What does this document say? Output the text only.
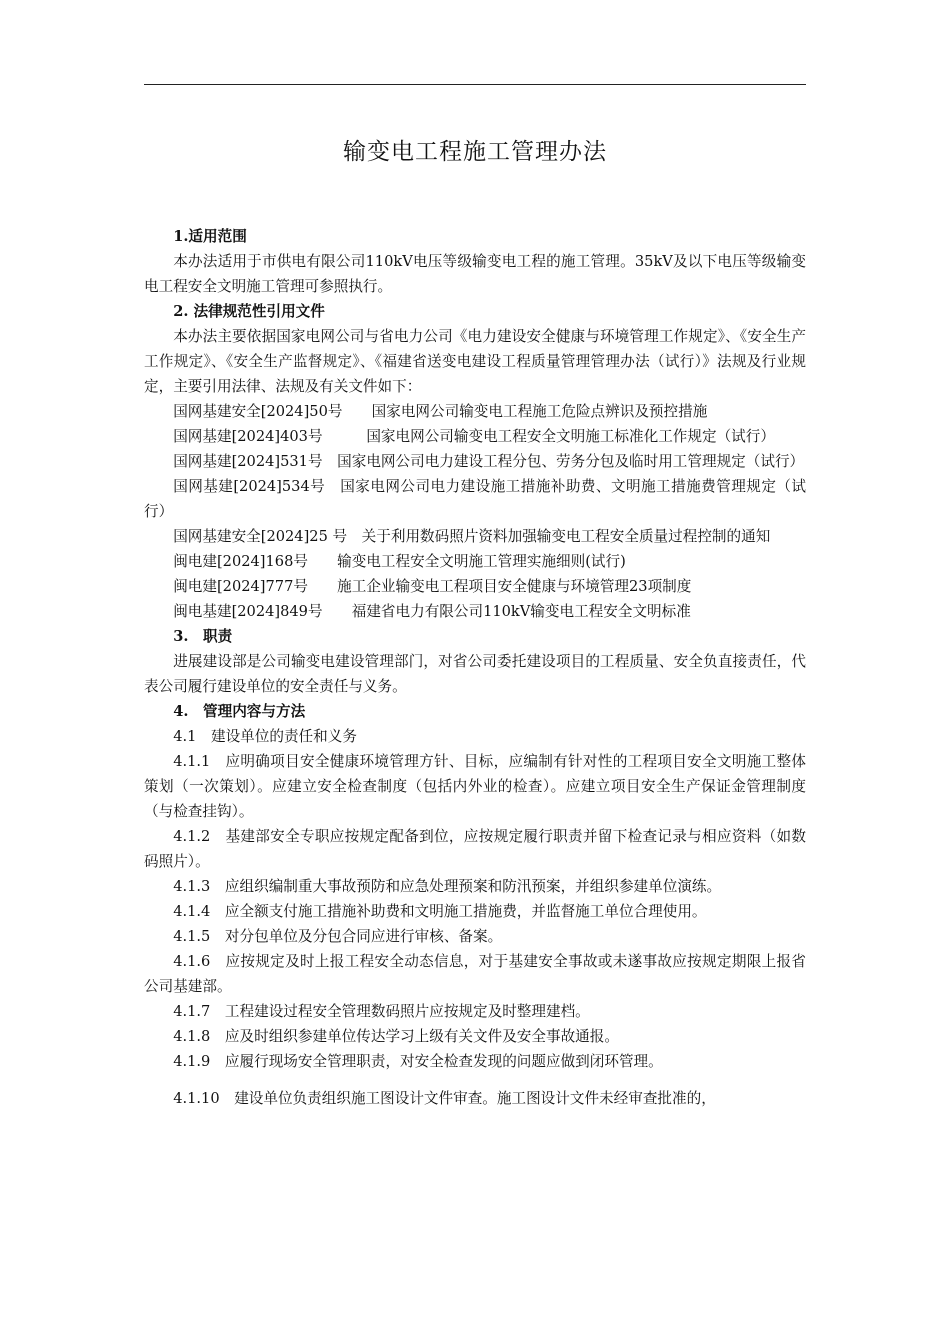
输变电工程施工管理办法
1.适用范围

本办法适用于市供电有限公司110kV电压等级输变电工程的施工管理。35kV及以下电压等级输变电工程安全文明施工管理可参照执行。

2. 法律规范性引用文件

本办法主要依据国家电网公司与省电力公司《电力建设安全健康与环境管理工作规定》、《安全生产工作规定》、《安全生产监督规定》、《福建省送变电建设工程质量管理管理办法（试行）》法规及行业规定，主要引用法律、法规及有关文件如下：

国网基建安全[2024]50号　　国家电网公司输变电工程施工危险点辨识及预控措施

国网基建[2024]403号　　　国家电网公司输变电工程安全文明施工标准化工作规定（试行）

国网基建[2024]531号　国家电网公司电力建设工程分包、劳务分包及临时用工管理规定（试行）

国网基建[2024]534号　国家电网公司电力建设施工措施补助费、文明施工措施费管理规定（试行）

国网基建安全[2024]25 号　关于利用数码照片资料加强输变电工程安全质量过程控制的通知

闽电建[2024]168号　　输变电工程安全文明施工管理实施细则(试行)

闽电建[2024]777号　　施工企业输变电工程项目安全健康与环境管理23项制度

闽电基建[2024]849号　　福建省电力有限公司110kV输变电工程安全文明标准

3.　职责

进展建设部是公司输变电建设管理部门，对省公司委托建设项目的工程质量、安全负直接责任，代表公司履行建设单位的安全责任与义务。

4.　管理内容与方法

4.1　建设单位的责任和义务

4.1.1　应明确项目安全健康环境管理方针、目标，应编制有针对性的工程项目安全文明施工整体策划（一次策划）。应建立安全检查制度（包括内外业的检查）。应建立项目安全生产保证金管理制度（与检查挂钩）。

4.1.2　基建部安全专职应按规定配备到位，应按规定履行职责并留下检查记录与相应资料（如数码照片）。

4.1.3　应组织编制重大事故预防和应急处理预案和防汛预案，并组织参建单位演练。

4.1.4　应全额支付施工措施补助费和文明施工措施费，并监督施工单位合理使用。

4.1.5　对分包单位及分包合同应进行审核、备案。

4.1.6　应按规定及时上报工程安全动态信息，对于基建安全事故或未遂事故应按规定期限上报省公司基建部。

4.1.7　工程建设过程安全管理数码照片应按规定及时整理建档。

4.1.8　应及时组织参建单位传达学习上级有关文件及安全事故通报。

4.1.9　应履行现场安全管理职责，对安全检查发现的问题应做到闭环管理。

4.1.10　建设单位负责组织施工图设计文件审查。施工图设计文件未经审查批准的，
